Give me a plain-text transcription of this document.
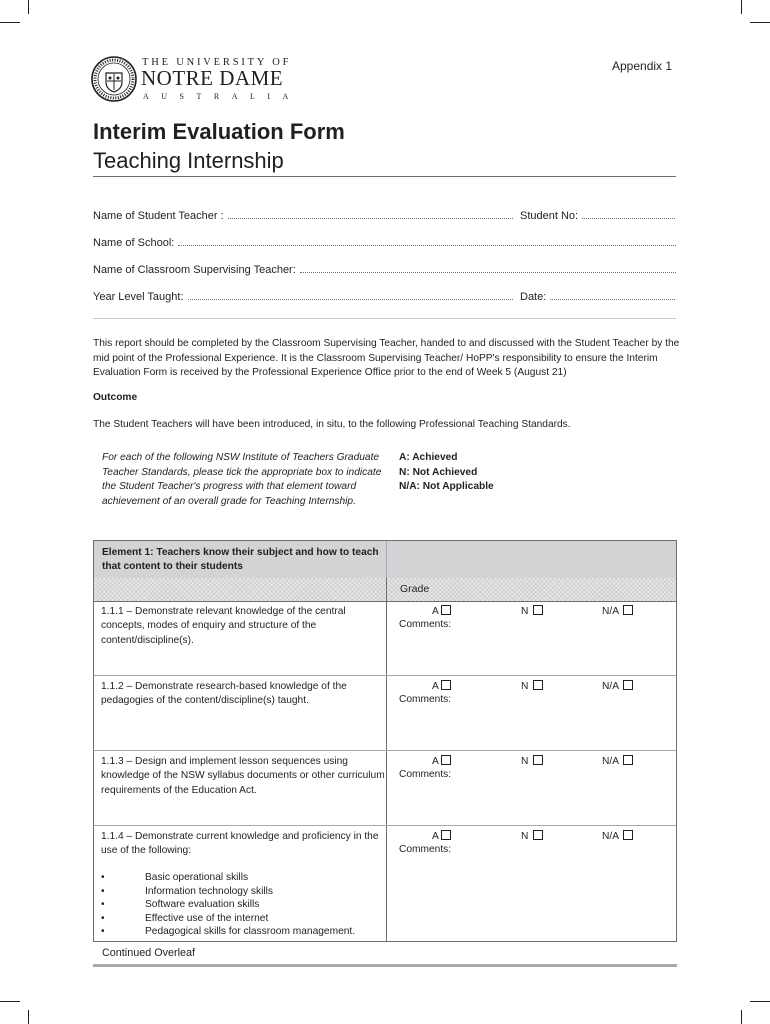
Appendix 1
THE UNIVERSITY OF
NOTRE DAME
AUSTRALIA
Interim Evaluation Form
Teaching Internship
Name of Student Teacher :	Student No:
Name of School:
Name of Classroom Supervising Teacher:
Year Level Taught:	Date:

This report should be completed by the Classroom Supervising Teacher, handed to and discussed with the Student Teacher by the mid point of the Professional Experience. It is the Classroom Supervising Teacher/ HoPP's responsibility to ensure the Interim Evaluation Form is received by the Professional Experience Office prior to the end of Week 5 (August 21)

Outcome
The Student Teachers will have been introduced, in situ, to the following Professional Teaching Standards.
For each of the following NSW Institute of Teachers Graduate Teacher Standards, please tick the appropriate box to indicate the Student Teacher's progress with that element toward achievement of an overall grade for Teaching Internship.
A: Achieved
N: Not Achieved
N/A: Not Applicable
Element 1: Teachers know their subject and how to teach that content to their students
Grade
1.1.1 – Demonstrate relevant knowledge of the central concepts, modes of enquiry and structure of the content/discipline(s).
A	N	N/A
Comments:
1.1.2 – Demonstrate research-based knowledge of the pedagogies of the content/discipline(s) taught.
A	N	N/A
Comments:
1.1.3 – Design and implement lesson sequences using knowledge of the NSW syllabus documents or other curriculum requirements of the Education Act.
A	N	N/A
Comments:
1.1.4 – Demonstrate current knowledge and proficiency in the use of the following:
A	N	N/A
Comments:
• Basic operational skills
• Information technology skills
• Software evaluation skills
• Effective use of the internet
• Pedagogical skills for classroom management.
Continued Overleaf
